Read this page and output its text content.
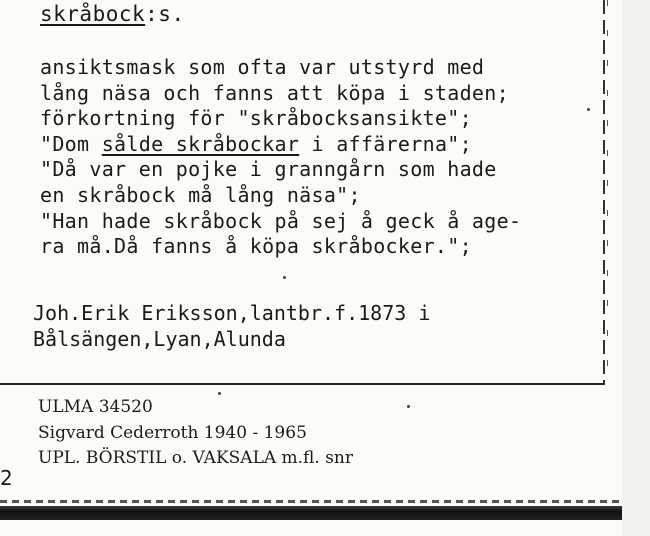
skråbock:s.
ansiktsmask som ofta var utstyrd med
lång näsa och fanns att köpa i staden;
förkortning för "skråbocksansikte";
"Dom sålde skråbockar i affärerna";
"Då var en pojke i granngårn som hade
en skråbock må lång näsa";
"Han hade skråbock på sej å geck å age-
ra må.Då fanns å köpa skråbocker.";
Joh.Erik Eriksson,lantbr.f.1873 i
Bålsängen,Lyan,Alunda
ULMA 34520
Sigvard Cederroth 1940 - 1965
UPL. BÖRSTIL o. VAKSALA m.fl. snr
2
